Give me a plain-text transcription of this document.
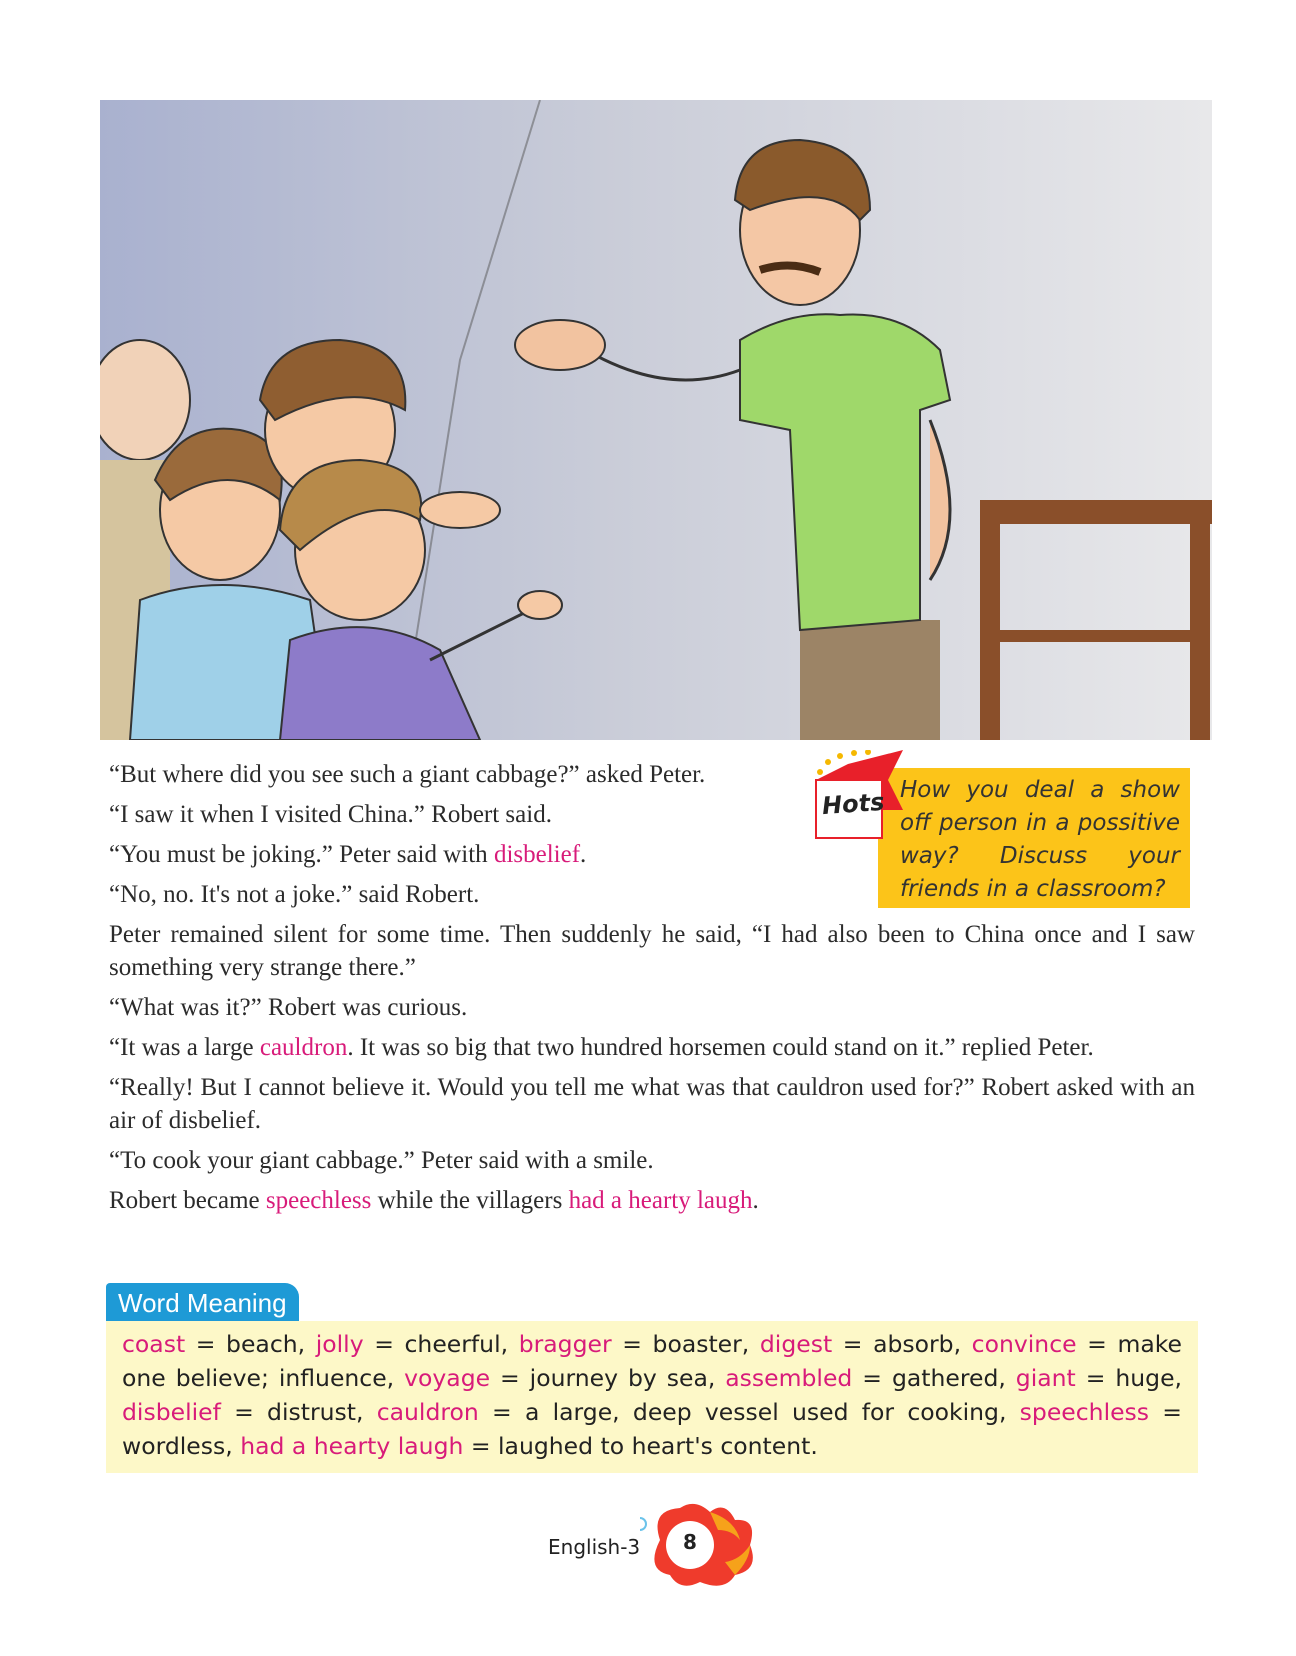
“But where did you see such a giant cabbage?” asked Peter.

“I saw it when I visited China.” Robert said.

“You must be joking.” Peter said with disbelief.

“No, no. It's not a joke.” said Robert.

Peter remained silent for some time. Then suddenly he said, “I had also been to China once and I saw something very strange there.”

“What was it?” Robert was curious.

“It was a large cauldron. It was so big that two hundred horsemen could stand on it.” replied Peter.

“Really! But I cannot believe it. Would you tell me what was that cauldron used for?” Robert asked with an air of disbelief.

“To cook your giant cabbage.” Peter said with a smile.

Robert became speechless while the villagers had a hearty laugh.

How you deal a show off person in a possitive way? Discuss your friends in a classroom?
Hots
Word Meaning
coast = beach, jolly = cheerful, bragger = boaster, digest = absorb, convince = make one believe; influence, voyage = journey by sea, assembled = gathered, giant = huge, disbelief = distrust, cauldron = a large, deep vessel used for cooking, speechless = wordless, had a hearty laugh = laughed to heart's content.
English-3	8
